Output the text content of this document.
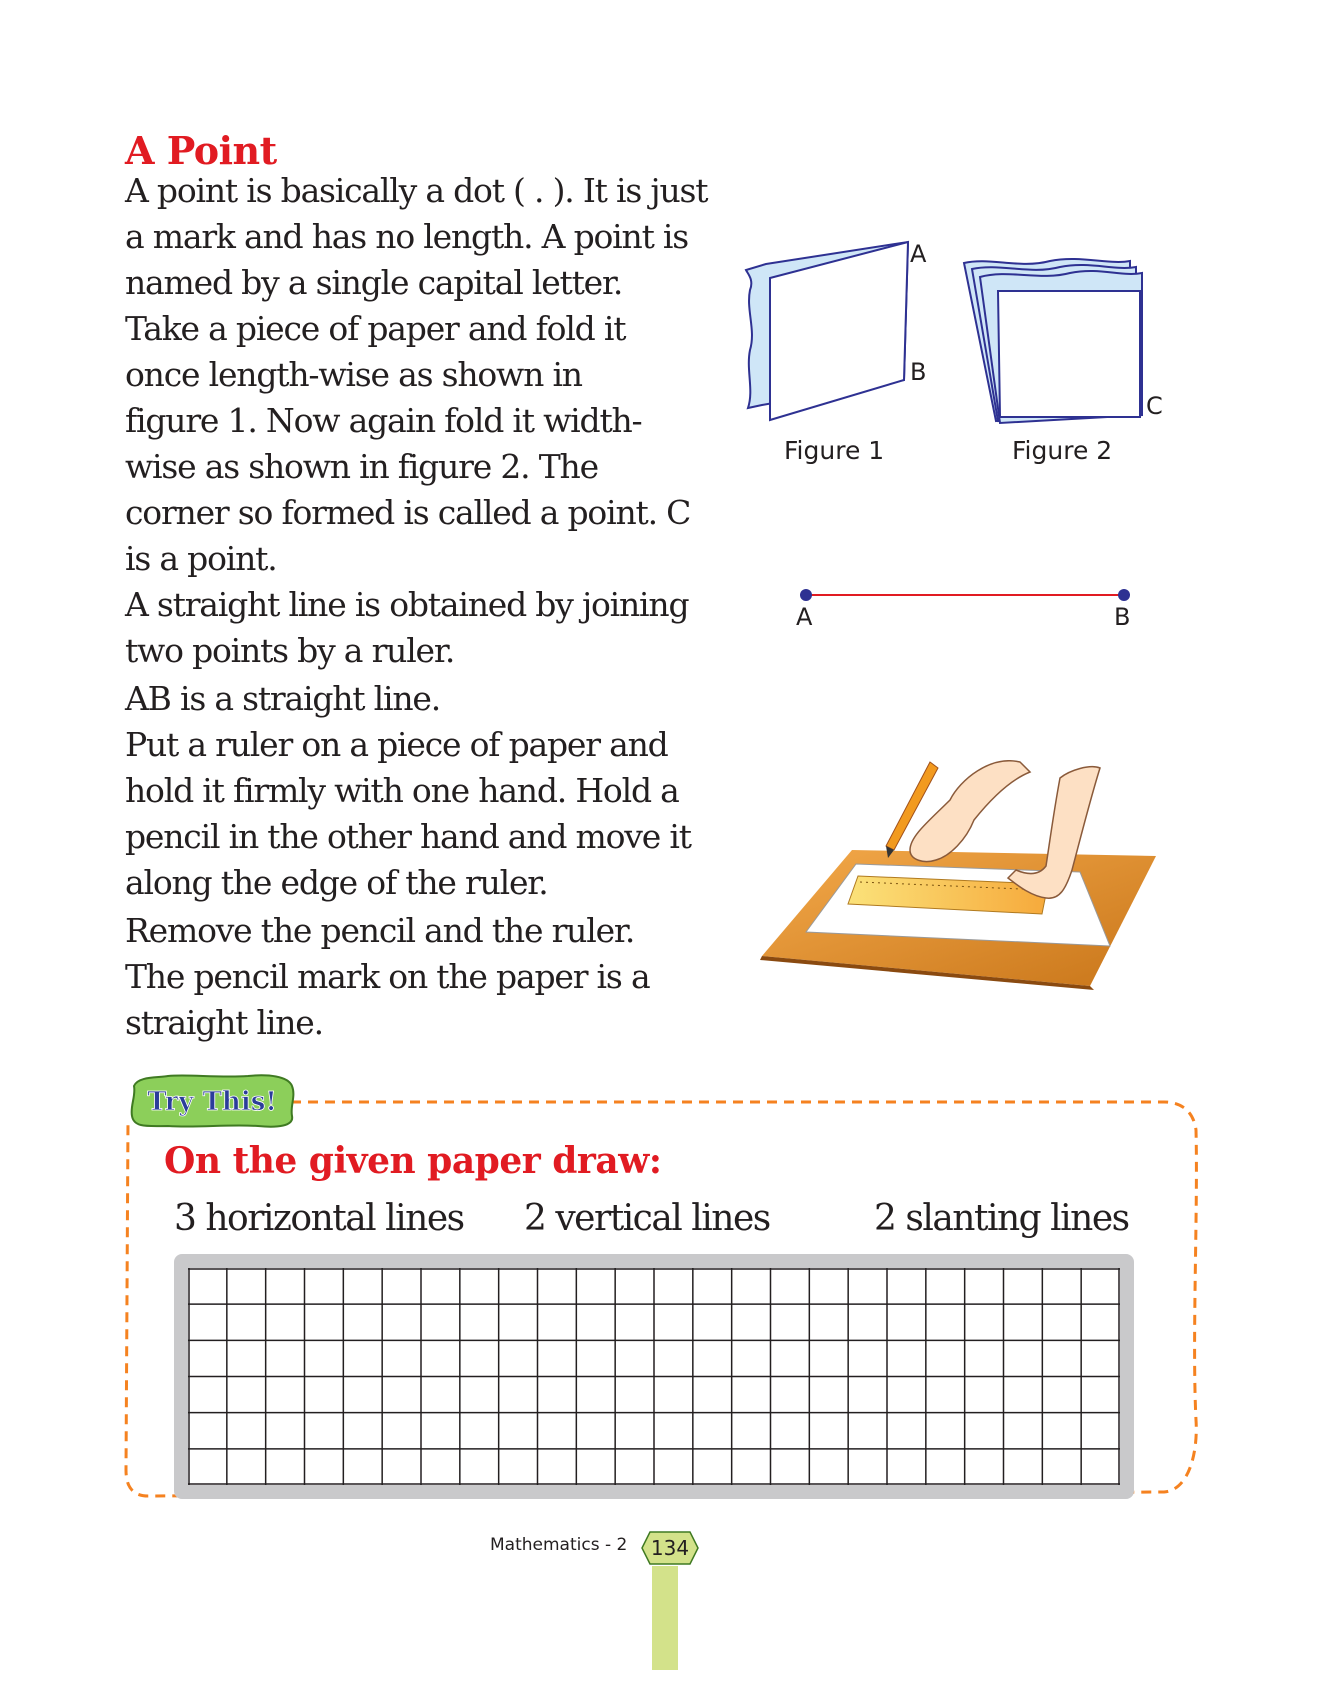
A Point
A point is basically a dot ( . ). It is just
a mark and has no length. A point is
named by a single capital letter.
Take a piece of paper and fold it
once length-wise as shown in
figure 1. Now again fold it width-
wise as shown in figure 2. The
corner so formed is called a point. C
is a point.
A straight line is obtained by joining
two points by a ruler.
AB is a straight line.
Put a ruler on a piece of paper and
hold it firmly with one hand. Hold a
pencil in the other hand and move it
along the edge of the ruler.
Remove the pencil and the ruler.
The pencil mark on the paper is a
straight line.
A
B
Figure 1
C
Figure 2
A	B
Try This!
On the given paper draw:
3 horizontal lines 2 vertical lines	2 slanting lines
Mathematics - 2	134
